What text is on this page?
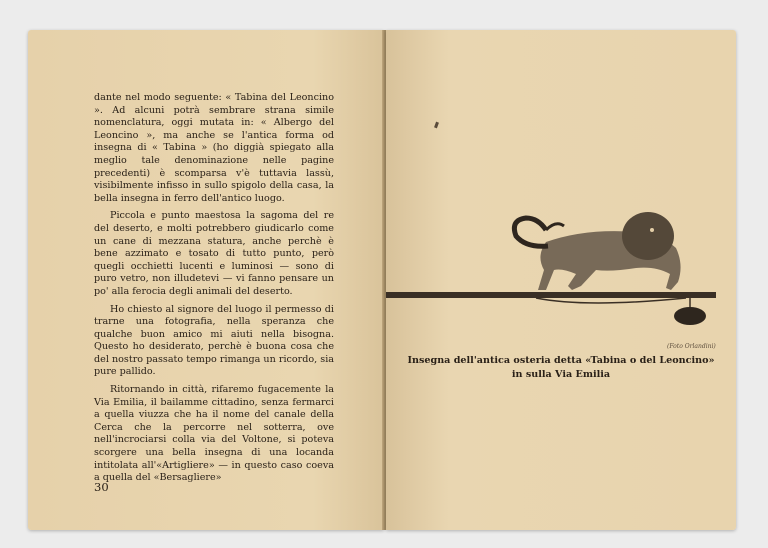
dante nel modo seguente: « Tabina del Leoncino ». Ad alcuni potrà sembrare strana simile nomenclatura, oggi mutata in: « Albergo del Leoncino », ma anche se l'antica forma od insegna di « Tabina » (ho diggià spiegato alla meglio tale denominazione nelle pagine precedenti) è scomparsa v'è tuttavia lassù, visibilmente infisso in sullo spigolo della casa, la bella insegna in ferro dell'antico luogo.

Piccola e punto maestosa la sagoma del re del deserto, e molti potrebbero giudicarlo come un cane di mezzana statura, anche perchè è bene azzimato e tosato di tutto punto, però quegli occhietti lucenti e luminosi — sono di puro vetro, non illudetevi — vi fanno pensare un po' alla ferocia degli animali del deserto.

Ho chiesto al signore del luogo il permesso di trarne una fotografia, nella speranza che qualche buon amico mi aiuti nella bisogna. Questo ho desiderato, perchè è buona cosa che del nostro passato tempo rimanga un ricordo, sia pure pallido.

Ritornando in città, rifaremo fugacemente la Via Emilia, il bailamme cittadino, senza fermarci a quella viuzza che ha il nome del canale della Cerca che la percorre nel sotterra, ove nell'incrociarsi colla via del Voltone, si poteva scorgere una bella insegna di una locanda intitolata all'«Artigliere» — in questo caso coeva a quella del «Bersagliere»

30
(Foto Orlandini)
Insegna dell'antica osteria detta «Tabina o del Leoncino»
in sulla Via Emilia
